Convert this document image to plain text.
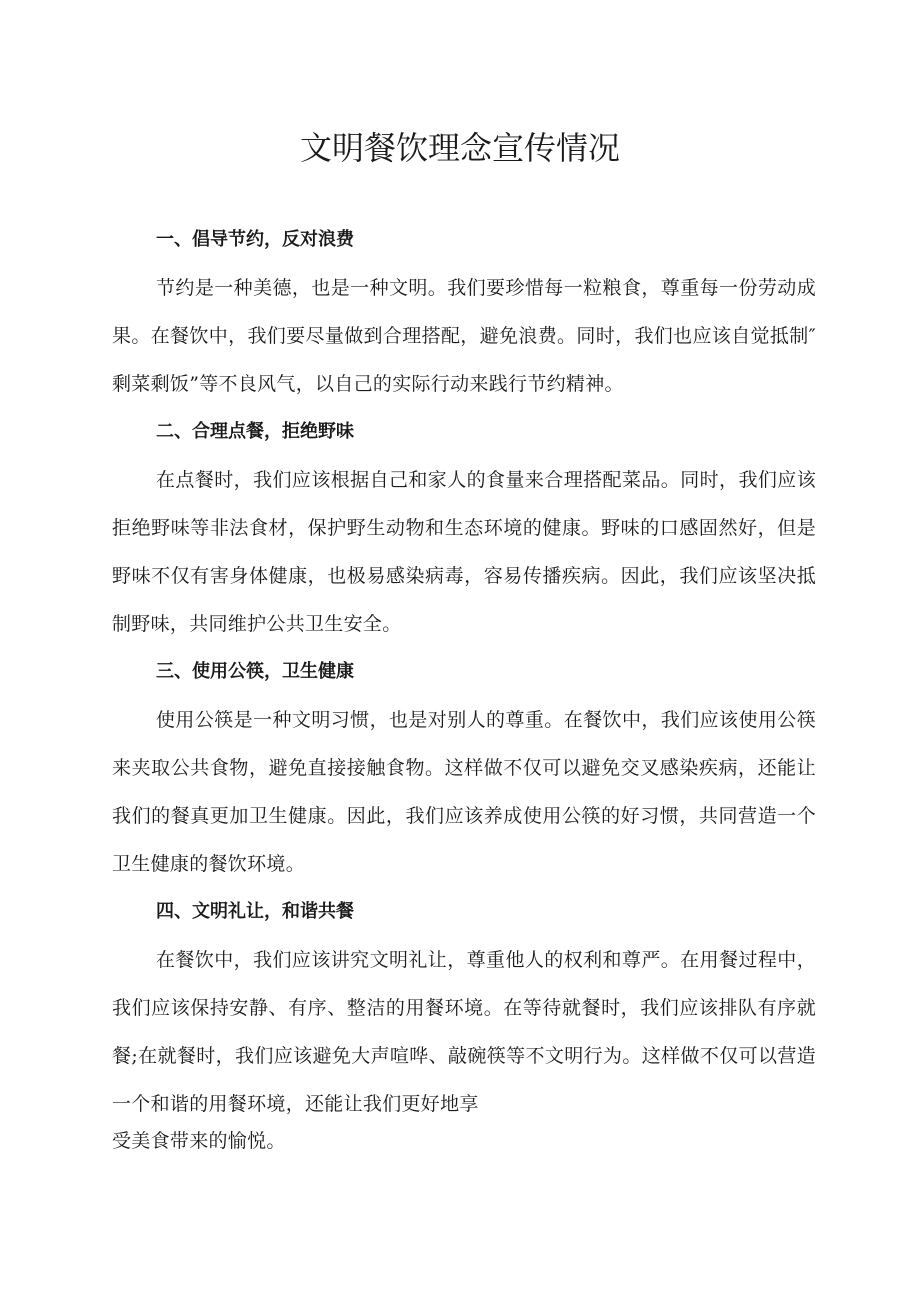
文明餐饮理念宣传情况

一、倡导节约，反对浪费

节约是一种美德，也是一种文明。我们要珍惜每一粒粮食，尊重每一份劳动成果。在餐饮中，我们要尽量做到合理搭配，避免浪费。同时，我们也应该自觉抵制″剩菜剩饭”等不良风气，以自己的实际行动来践行节约精神。

二、合理点餐，拒绝野味

在点餐时，我们应该根据自己和家人的食量来合理搭配菜品。同时，我们应该拒绝野味等非法食材，保护野生动物和生态环境的健康。野味的口感固然好，但是野味不仅有害身体健康，也极易感染病毒，容易传播疾病。因此，我们应该坚决抵制野味，共同维护公共卫生安全。

三、使用公筷，卫生健康

使用公筷是一种文明习惯，也是对别人的尊重。在餐饮中，我们应该使用公筷来夹取公共食物，避免直接接触食物。这样做不仅可以避免交叉感染疾病，还能让我们的餐真更加卫生健康。因此，我们应该养成使用公筷的好习惯，共同营造一个卫生健康的餐饮环境。

四、文明礼让，和谐共餐

在餐饮中，我们应该讲究文明礼让，尊重他人的权利和尊严。在用餐过程中，我们应该保持安静、有序、整洁的用餐环境。在等待就餐时，我们应该排队有序就餐;在就餐时，我们应该避免大声喧哗、敲碗筷等不文明行为。这样做不仅可以营造一个和谐的用餐环境，还能让我们更好地享

受美食带来的愉悦。
